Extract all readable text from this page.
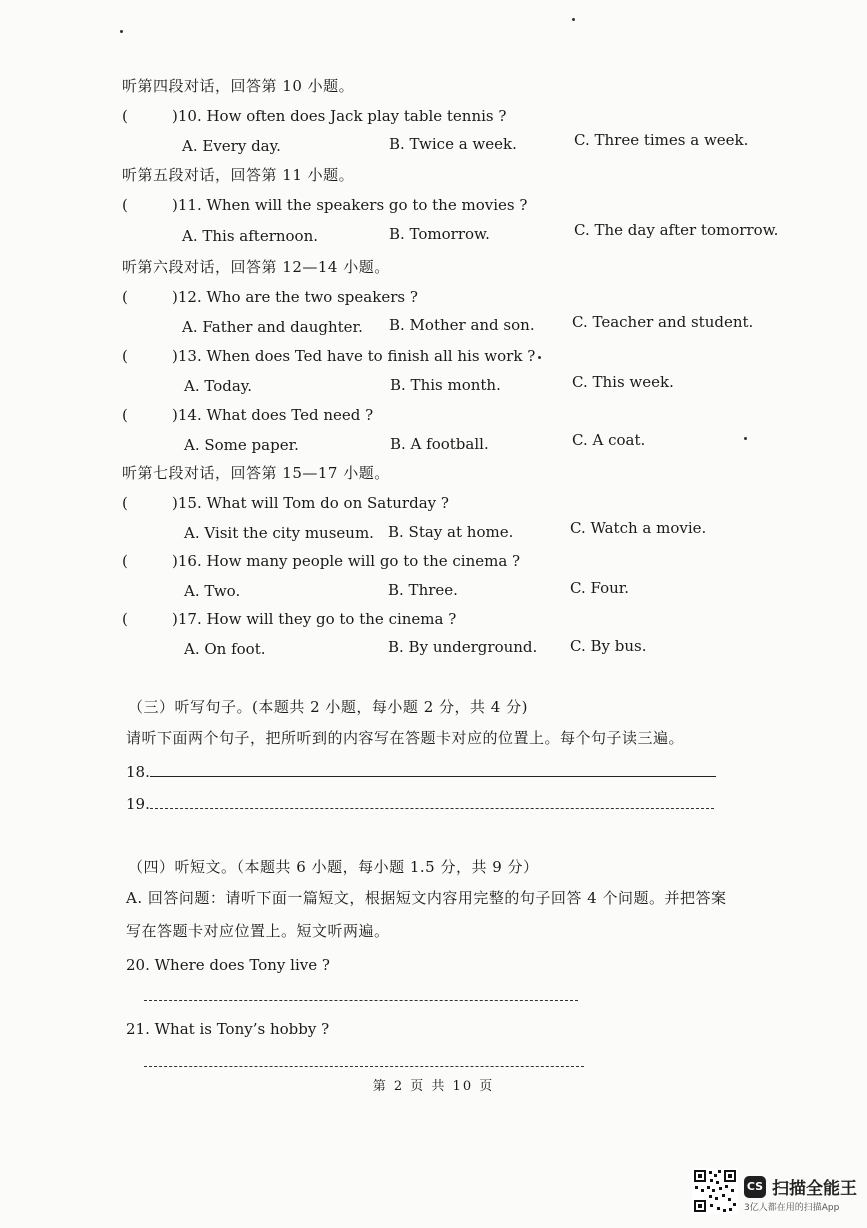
听第四段对话，回答第 10 小题。
(	)10. How often does Jack play table tennis ?
A. Every day.	B. Twice a week.	C. Three times a week.
听第五段对话，回答第 11 小题。
(	)11. When will the speakers go to the movies ?
A. This afternoon.	B. Tomorrow.	C. The day after tomorrow.
听第六段对话，回答第 12—14 小题。
(	)12. Who are the two speakers ?
A. Father and daughter. B. Mother and son. C. Teacher and student.
(	)13. When does Ted have to finish all his work ?
A. Today.	B. This month.	C. This week.
(	)14. What does Ted need ?
A. Some paper.	B. A football.	C. A coat.
听第七段对话，回答第 15—17 小题。
(	)15. What will Tom do on Saturday ?
A. Visit the city museum. B. Stay at home.	C. Watch a movie.
(	)16. How many people will go to the cinema ?
A. Two.	B. Three.	C. Four.
(	)17. How will they go to the cinema ?
A. On foot.	B. By underground. C. By bus.
（三）听写句子。(本题共 2 小题，每小题 2 分，共 4 分)
请听下面两个句子，把所听到的内容写在答题卡对应的位置上。每个句子读三遍。
18.
19.
（四）听短文。（本题共 6 小题，每小题 1.5 分，共 9 分）
A. 回答问题：请听下面一篇短文，根据短文内容用完整的句子回答 4 个问题。并把答案
写在答题卡对应位置上。短文听两遍。
20. Where does Tony live ?
21. What is Tony’s hobby ?
第 2 页 共 10 页
CS 扫描全能王
3亿人都在用的扫描App
